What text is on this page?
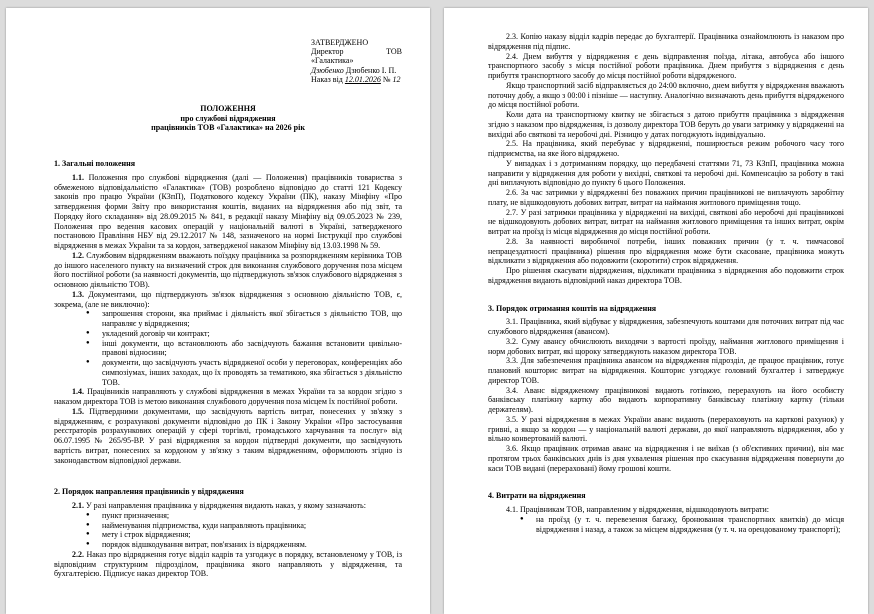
ЗАТВЕРДЖЕНО

Директор ТОВ «Галактика»

Дзюбенко Дзюбенко І. П.

Наказ від 12.01.2026 № 12

ПОЛОЖЕННЯ

про службові відрядження

працівників ТОВ «Галактика» на 2026 рік

1. Загальні положення

1.1. Положення про службові відрядження (далі — Положення) працівників товариства з обмеженою відповідальністю «Галактика» (ТОВ) розроблено відповідно до статті 121 Кодексу законів про працю України (КЗпП), Податкового кодексу України (ПК), наказу Мінфіну «Про затвердження форми Звіту про використання коштів, виданих на відрядження або під звіт, та Порядку його складання» від 28.09.2015 № 841, в редакції наказу Мінфіну від 09.05.2023 № 239, Положення про ведення касових операцій у національній валюті в Україні, затвердженого постановою Правління НБУ від 29.12.2017 № 148, зазначеного на нормі Інструкції про службові відрядження в межах України та за кордон, затвердженої наказом Мінфіну від 13.03.1998 № 59.

1.2. Службовим відрядженням вважають поїздку працівника за розпорядженням керівника ТОВ до іншого населеного пункту на визначений строк для виконання службового доручення поза місцем його постійної роботи (за наявності документів, що підтверджують зв'язок службового відрядження з основною діяльністю ТОВ).

1.3. Документами, що підтверджують зв'язок відрядження з основною діяльністю ТОВ, є, зокрема, (але не виключно):

● запрошення сторони, яка приймає і діяльність якої збігається з діяльністю ТОВ, що направляє у відрядження;
● укладений договір чи контракт;
● інші документи, що встановлюють або засвідчують бажання встановити цивільно-правові відносини;
● документи, що засвідчують участь відрядженої особи у переговорах, конференціях або симпозіумах, інших заходах, що їх проводять за тематикою, яка збігається з діяльністю ТОВ.

1.4. Працівників направляють у службові відрядження в межах України та за кордон згідно з наказом директора ТОВ із метою виконання службового доручення поза місцем їх постійної роботи.

1.5. Підтвердними документами, що засвідчують вартість витрат, понесених у зв'язку з відрядженням, є розрахункові документи відповідно до ПК і Закону України «Про застосування реєстраторів розрахункових операцій у сфері торгівлі, громадського харчування та послуг» від 06.07.1995 № 265/95-ВР. У разі відрядження за кордон підтвердні документи, що засвідчують вартість витрат, понесених за кордоном у зв'язку з таким відрядженням, оформлюють згідно із законодавством відповідної держави.

2. Порядок направлення працівників у відрядження

2.1. У разі направлення працівника у відрядження видають наказ, у якому зазначають:

● пункт призначення;
● найменування підприємства, куди направляють працівника;
● мету і строк відрядження;
● порядок відшкодування витрат, пов'язаних із відрядженням.

2.2. Наказ про відрядження готує відділ кадрів та узгоджує в порядку, встановленому у ТОВ, із відповідним структурним підрозділом, працівника якого направляють у відрядження, та бухгалтерією. Підписує наказ директор ТОВ.

2.3. Копію наказу відділ кадрів передає до бухгалтерії. Працівника ознайомлюють із наказом про відрядження під підпис.

2.4. Днем вибуття у відрядження є день відправлення поїзда, літака, автобуса або іншого транспортного засобу з місця постійної роботи працівника. Днем прибуття з відрядження є день прибуття транспортного засобу до місця постійної роботи відрядженого.

Якщо транспортний засіб відправляється до 24:00 включно, днем вибуття у відрядження вважають поточну добу, а якщо з 00:00 і пізніше — наступну. Аналогічно визначають день прибуття відрядженого до місця постійної роботи.

Коли дата на транспортному квитку не збігається з датою прибуття працівника з відрядження згідно з наказом про відрядження, із дозволу директора ТОВ беруть до уваги затримку у відрядженні на вихідні або святкові та неробочі дні. Різницю у датах погоджують індивідуально.

2.5. На працівника, який перебуває у відрядженні, поширюється режим робочого часу того підприємства, на яке його відряджено.

У випадках і з дотриманням порядку, що передбачені статтями 71, 73 КЗпП, працівника можна направити у відрядження для роботи у вихідні, святкові та неробочі дні. Компенсацію за роботу в такі дні виплачують відповідно до пункту 6 цього Положення.

2.6. За час затримки у відрядженні без поважних причин працівникові не виплачують заробітну плату, не відшкодовують добових витрат, витрат на наймання житлового приміщення тощо.

2.7. У разі затримки працівника у відрядженні на вихідні, святкові або неробочі дні працівникові не відшкодовують добових витрат, витрат на наймання житлового приміщення та інших витрат, окрім витрат на проїзд із місця відрядження до місця постійної роботи.

2.8. За наявності виробничої потреби, інших поважних причин (у т. ч. тимчасової непрацездатності працівника) рішення про відрядження може бути скасоване, працівника можуть відкликати з відрядження або подовжити (скоротити) строк відрядження.

Про рішення скасувати відрядження, відкликати працівника з відрядження або подовжити строк відрядження видають відповідний наказ директора ТОВ.

3. Порядок отримання коштів на відрядження

3.1. Працівника, який відбуває у відрядження, забезпечують коштами для поточних витрат під час службового відрядження (авансом).

3.2. Суму авансу обчислюють виходячи з вартості проїзду, наймання житлового приміщення і норм добових витрат, які щороку затверджують наказом директора ТОВ.

3.3. Для забезпечення працівника авансом на відрядження підрозділ, де працює працівник, готує плановий кошторис витрат на відрядження. Кошторис узгоджує головний бухгалтер і затверджує директор ТОВ.

3.4. Аванс відрядженому працівникові видають готівкою, перерахують на його особисту банківську платіжну картку або видають корпоративну банківську платіжну картку (тільки держателям).

3.5. У разі відрядження в межах України аванс видають (перераховують на карткові рахунок) у гривні, а якщо за кордон — у національній валюті держави, до якої направляють відрядження, або у вільно конвертованій валюті.

3.6. Якщо працівник отримав аванс на відрядження і не виїхав (з об'єктивних причин), він має протягом трьох банківських днів із дня ухвалення рішення про скасування відрядження повернути до каси ТОВ видані (перераховані) йому грошові кошти.

4. Витрати на відрядження

4.1. Працівникам ТОВ, направленим у відрядження, відшкодовують витрати:

● на проїзд (у т. ч. перевезення багажу, бронювання транспортних квитків) до місця відрядження і назад, а також за місцем відрядження (у т. ч. на орендованому транспорті);
